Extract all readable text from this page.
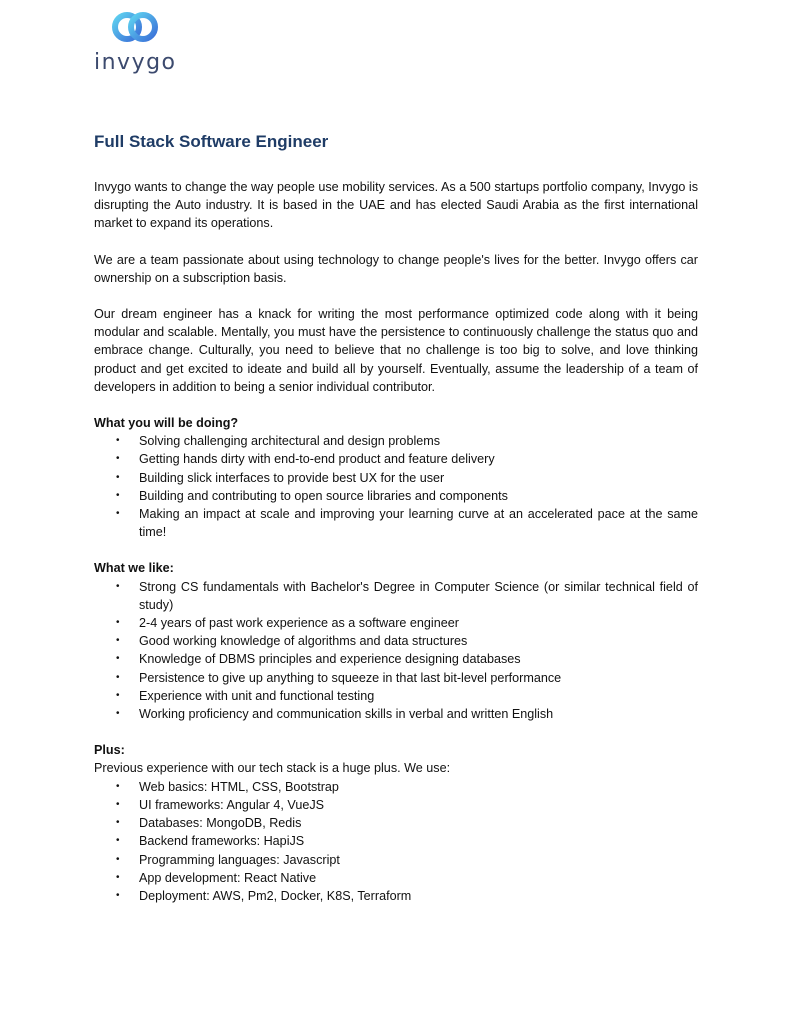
invygo
Full Stack Software Engineer

Invygo wants to change the way people use mobility services. As a 500 startups portfolio company, Invygo is disrupting the Auto industry. It is based in the UAE and has elected Saudi Arabia as the first international market to expand its operations.

We are a team passionate about using technology to change people's lives for the better. Invygo offers car ownership on a subscription basis.

Our dream engineer has a knack for writing the most performance optimized code along with it being modular and scalable. Mentally, you must have the persistence to continuously challenge the status quo and embrace change. Culturally, you need to believe that no challenge is too big to solve, and love thinking product and get excited to ideate and build all by yourself. Eventually, assume the leadership of a team of developers in addition to being a senior individual contributor.

What you will be doing?

• Solving challenging architectural and design problems
• Getting hands dirty with end-to-end product and feature delivery
• Building slick interfaces to provide best UX for the user
• Building and contributing to open source libraries and components
• Making an impact at scale and improving your learning curve at an accelerated pace at the same time!

What we like:

• Strong CS fundamentals with Bachelor's Degree in Computer Science (or similar technical field of study)
• 2-4 years of past work experience as a software engineer
• Good working knowledge of algorithms and data structures
• Knowledge of DBMS principles and experience designing databases
• Persistence to give up anything to squeeze in that last bit-level performance
• Experience with unit and functional testing
• Working proficiency and communication skills in verbal and written English

Plus:

Previous experience with our tech stack is a huge plus. We use:

• Web basics: HTML, CSS, Bootstrap
• UI frameworks: Angular 4, VueJS
• Databases: MongoDB, Redis
• Backend frameworks: HapiJS
• Programming languages: Javascript
• App development: React Native
• Deployment: AWS, Pm2, Docker, K8S, Terraform
